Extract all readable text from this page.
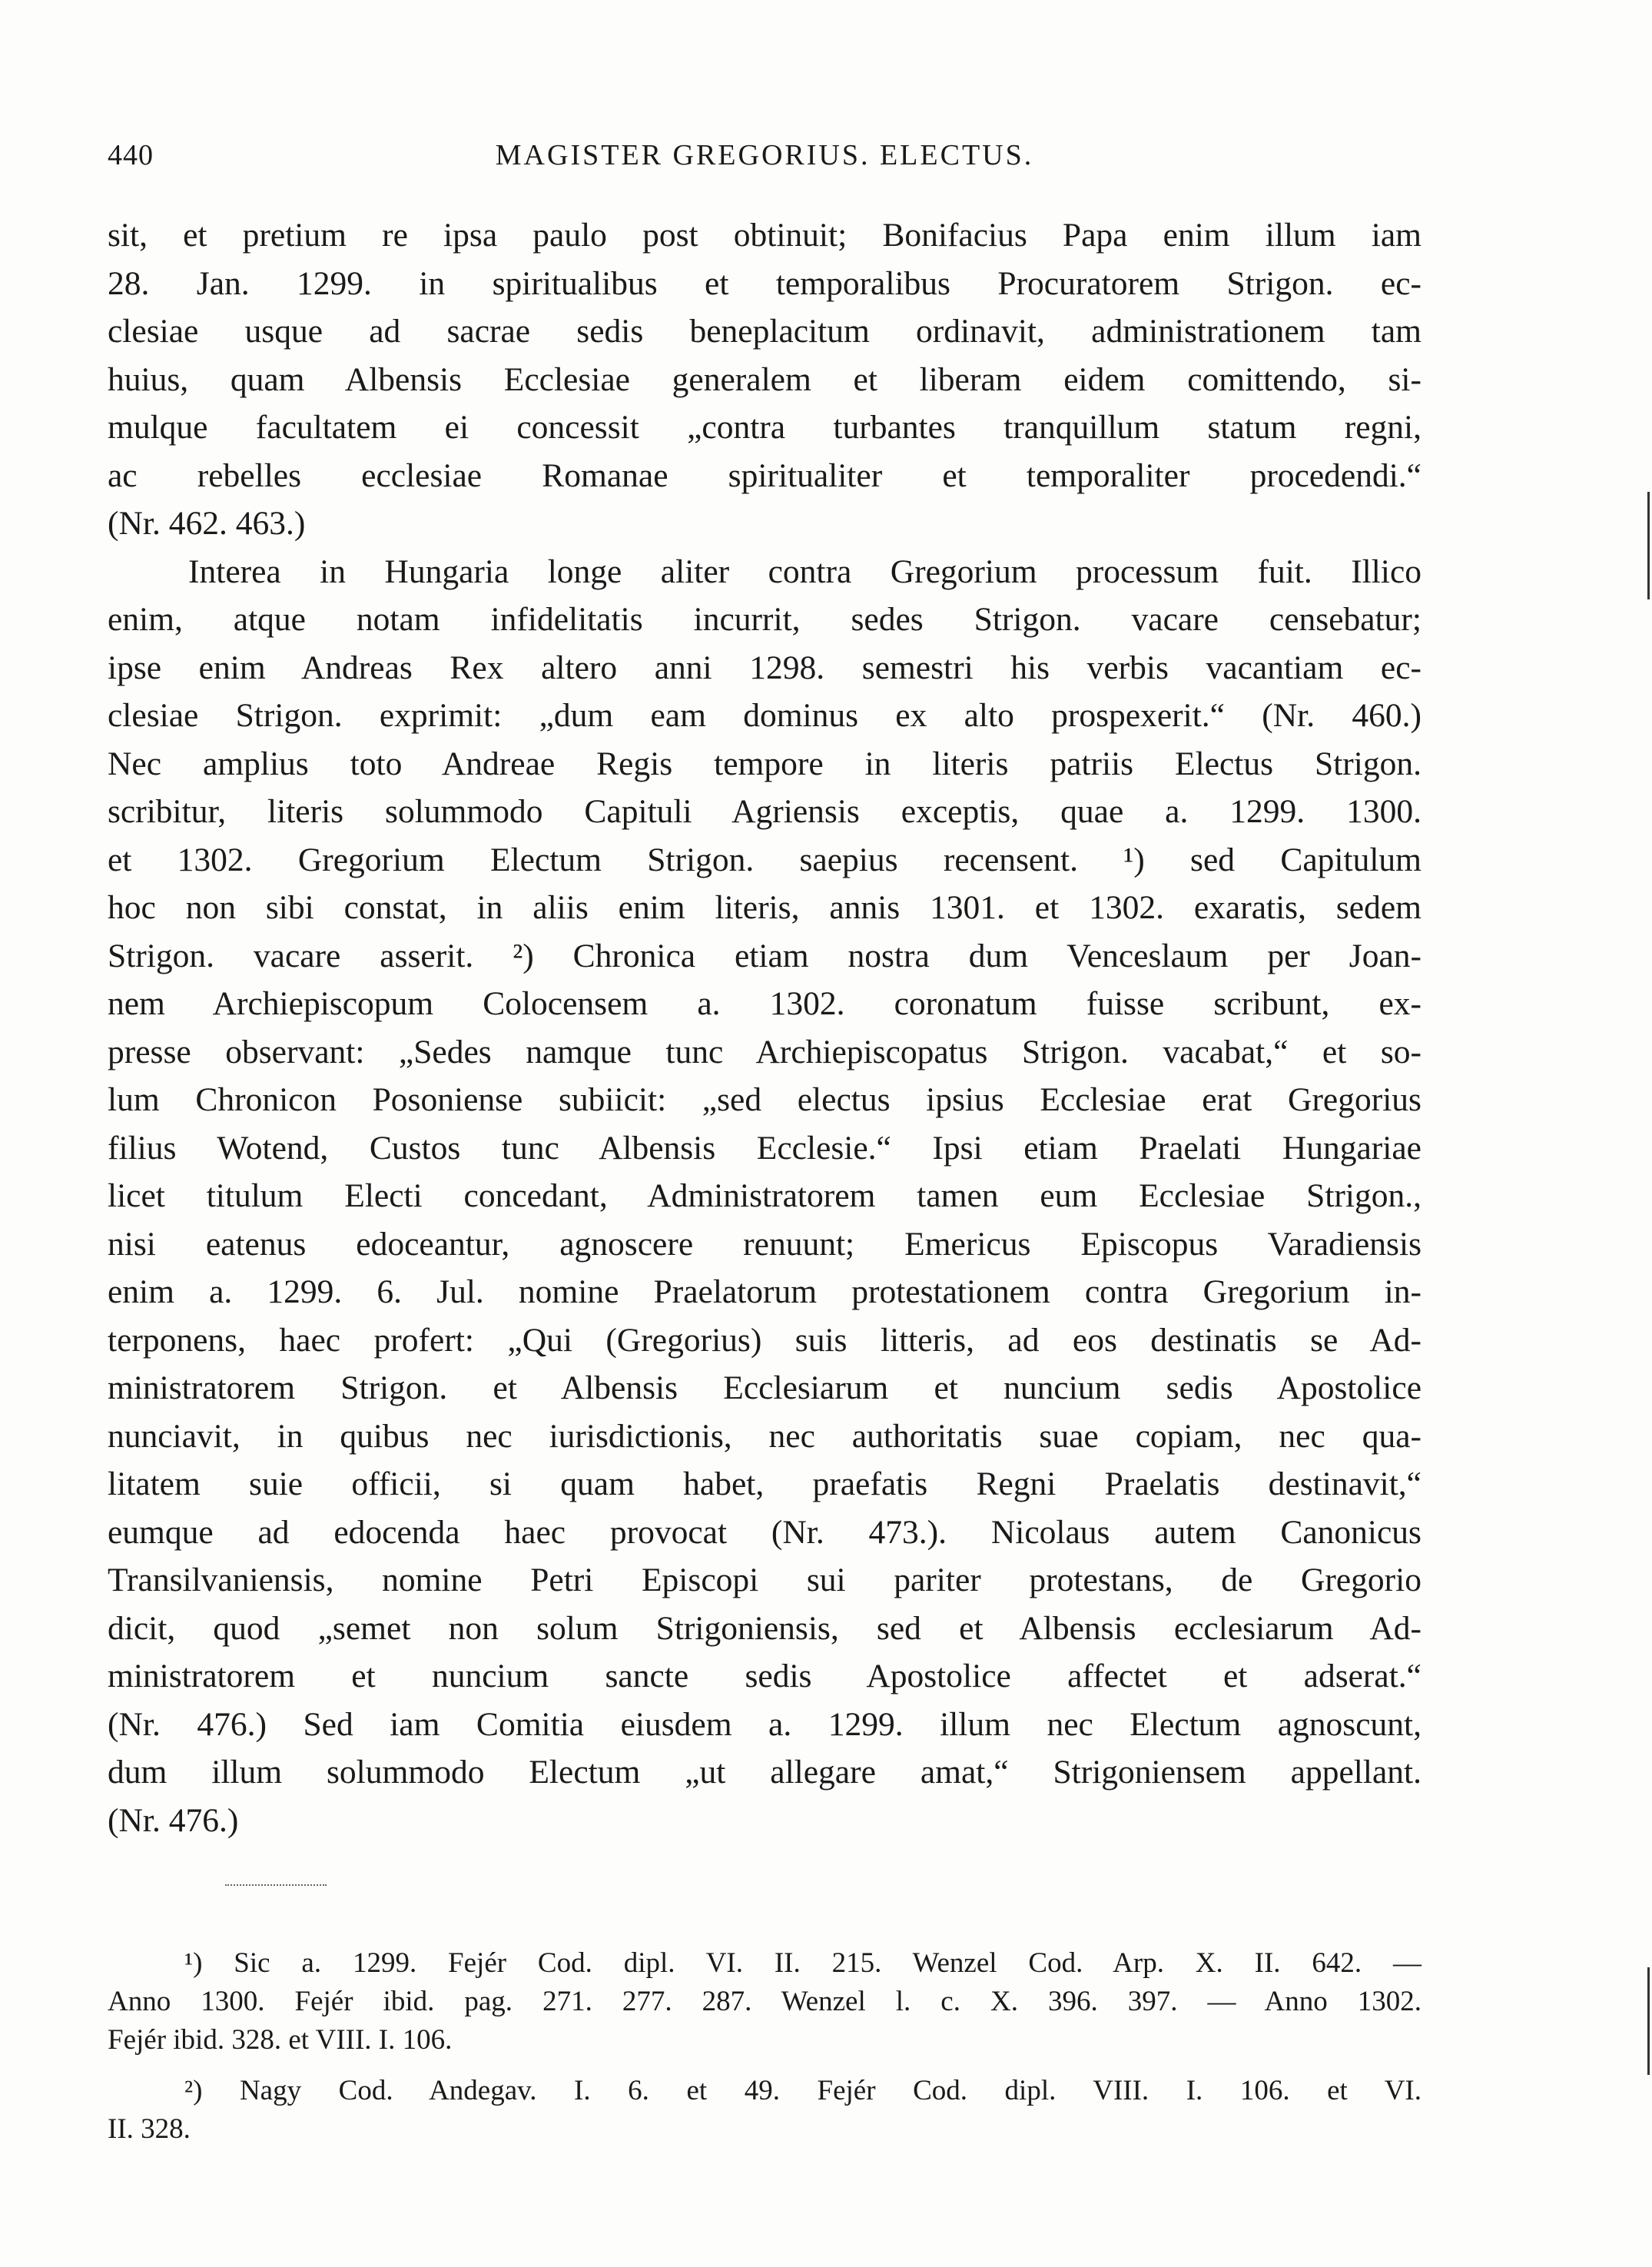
440	MAGISTER GREGORIUS. ELECTUS.
sit, et pretium re ipsa paulo post obtinuit; Bonifacius Papa enim illum iam
28. Jan. 1299. in spiritualibus et temporalibus Procuratorem Strigon. ec-
clesiae usque ad sacrae sedis beneplacitum ordinavit, administrationem tam
huius, quam Albensis Ecclesiae generalem et liberam eidem comittendo, si-
mulque facultatem ei concessit „contra turbantes tranquillum statum regni,
ac rebelles ecclesiae Romanae spiritualiter et temporaliter procedendi.“
(Nr. 462. 463.)
Interea in Hungaria longe aliter contra Gregorium processum fuit. Illico
enim, atque notam infidelitatis incurrit, sedes Strigon. vacare censebatur;
ipse enim Andreas Rex altero anni 1298. semestri his verbis vacantiam ec-
clesiae Strigon. exprimit: „dum eam dominus ex alto prospexerit.“ (Nr. 460.)
Nec amplius toto Andreae Regis tempore in literis patriis Electus Strigon.
scribitur, literis solummodo Capituli Agriensis exceptis, quae a. 1299. 1300.
et 1302. Gregorium Electum Strigon. saepius recensent. ¹) sed Capitulum
hoc non sibi constat, in aliis enim literis, annis 1301. et 1302. exaratis, sedem
Strigon. vacare asserit. ²) Chronica etiam nostra dum Venceslaum per Joan-
nem Archiepiscopum Colocensem a. 1302. coronatum fuisse scribunt, ex-
presse observant: „Sedes namque tunc Archiepiscopatus Strigon. vacabat,“ et so-
lum Chronicon Posoniense subiicit: „sed electus ipsius Ecclesiae erat Gregorius
filius Wotend, Custos tunc Albensis Ecclesie.“ Ipsi etiam Praelati Hungariae
licet titulum Electi concedant, Administratorem tamen eum Ecclesiae Strigon.,
nisi eatenus edoceantur, agnoscere renuunt; Emericus Episcopus Varadiensis
enim a. 1299. 6. Jul. nomine Praelatorum protestationem contra Gregorium in-
terponens, haec profert: „Qui (Gregorius) suis litteris, ad eos destinatis se Ad-
ministratorem Strigon. et Albensis Ecclesiarum et nuncium sedis Apostolice
nunciavit, in quibus nec iurisdictionis, nec authoritatis suae copiam, nec qua-
litatem suie officii, si quam habet, praefatis Regni Praelatis destinavit,“
eumque ad edocenda haec provocat (Nr. 473.). Nicolaus autem Canonicus
Transilvaniensis, nomine Petri Episcopi sui pariter protestans, de Gregorio
dicit, quod „semet non solum Strigoniensis, sed et Albensis ecclesiarum Ad-
ministratorem et nuncium sancte sedis Apostolice affectet et adserat.“
(Nr. 476.) Sed iam Comitia eiusdem a. 1299. illum nec Electum agnoscunt,
dum illum solummodo Electum „ut allegare amat,“ Strigoniensem appellant.
(Nr. 476.)
¹) Sic a. 1299. Fejér Cod. dipl. VI. II. 215. Wenzel Cod. Arp. X. II. 642. —
Anno 1300. Fejér ibid. pag. 271. 277. 287. Wenzel l. c. X. 396. 397. — Anno 1302.
Fejér ibid. 328. et VIII. I. 106.
²) Nagy Cod. Andegav. I. 6. et 49. Fejér Cod. dipl. VIII. I. 106. et VI.
II. 328.
